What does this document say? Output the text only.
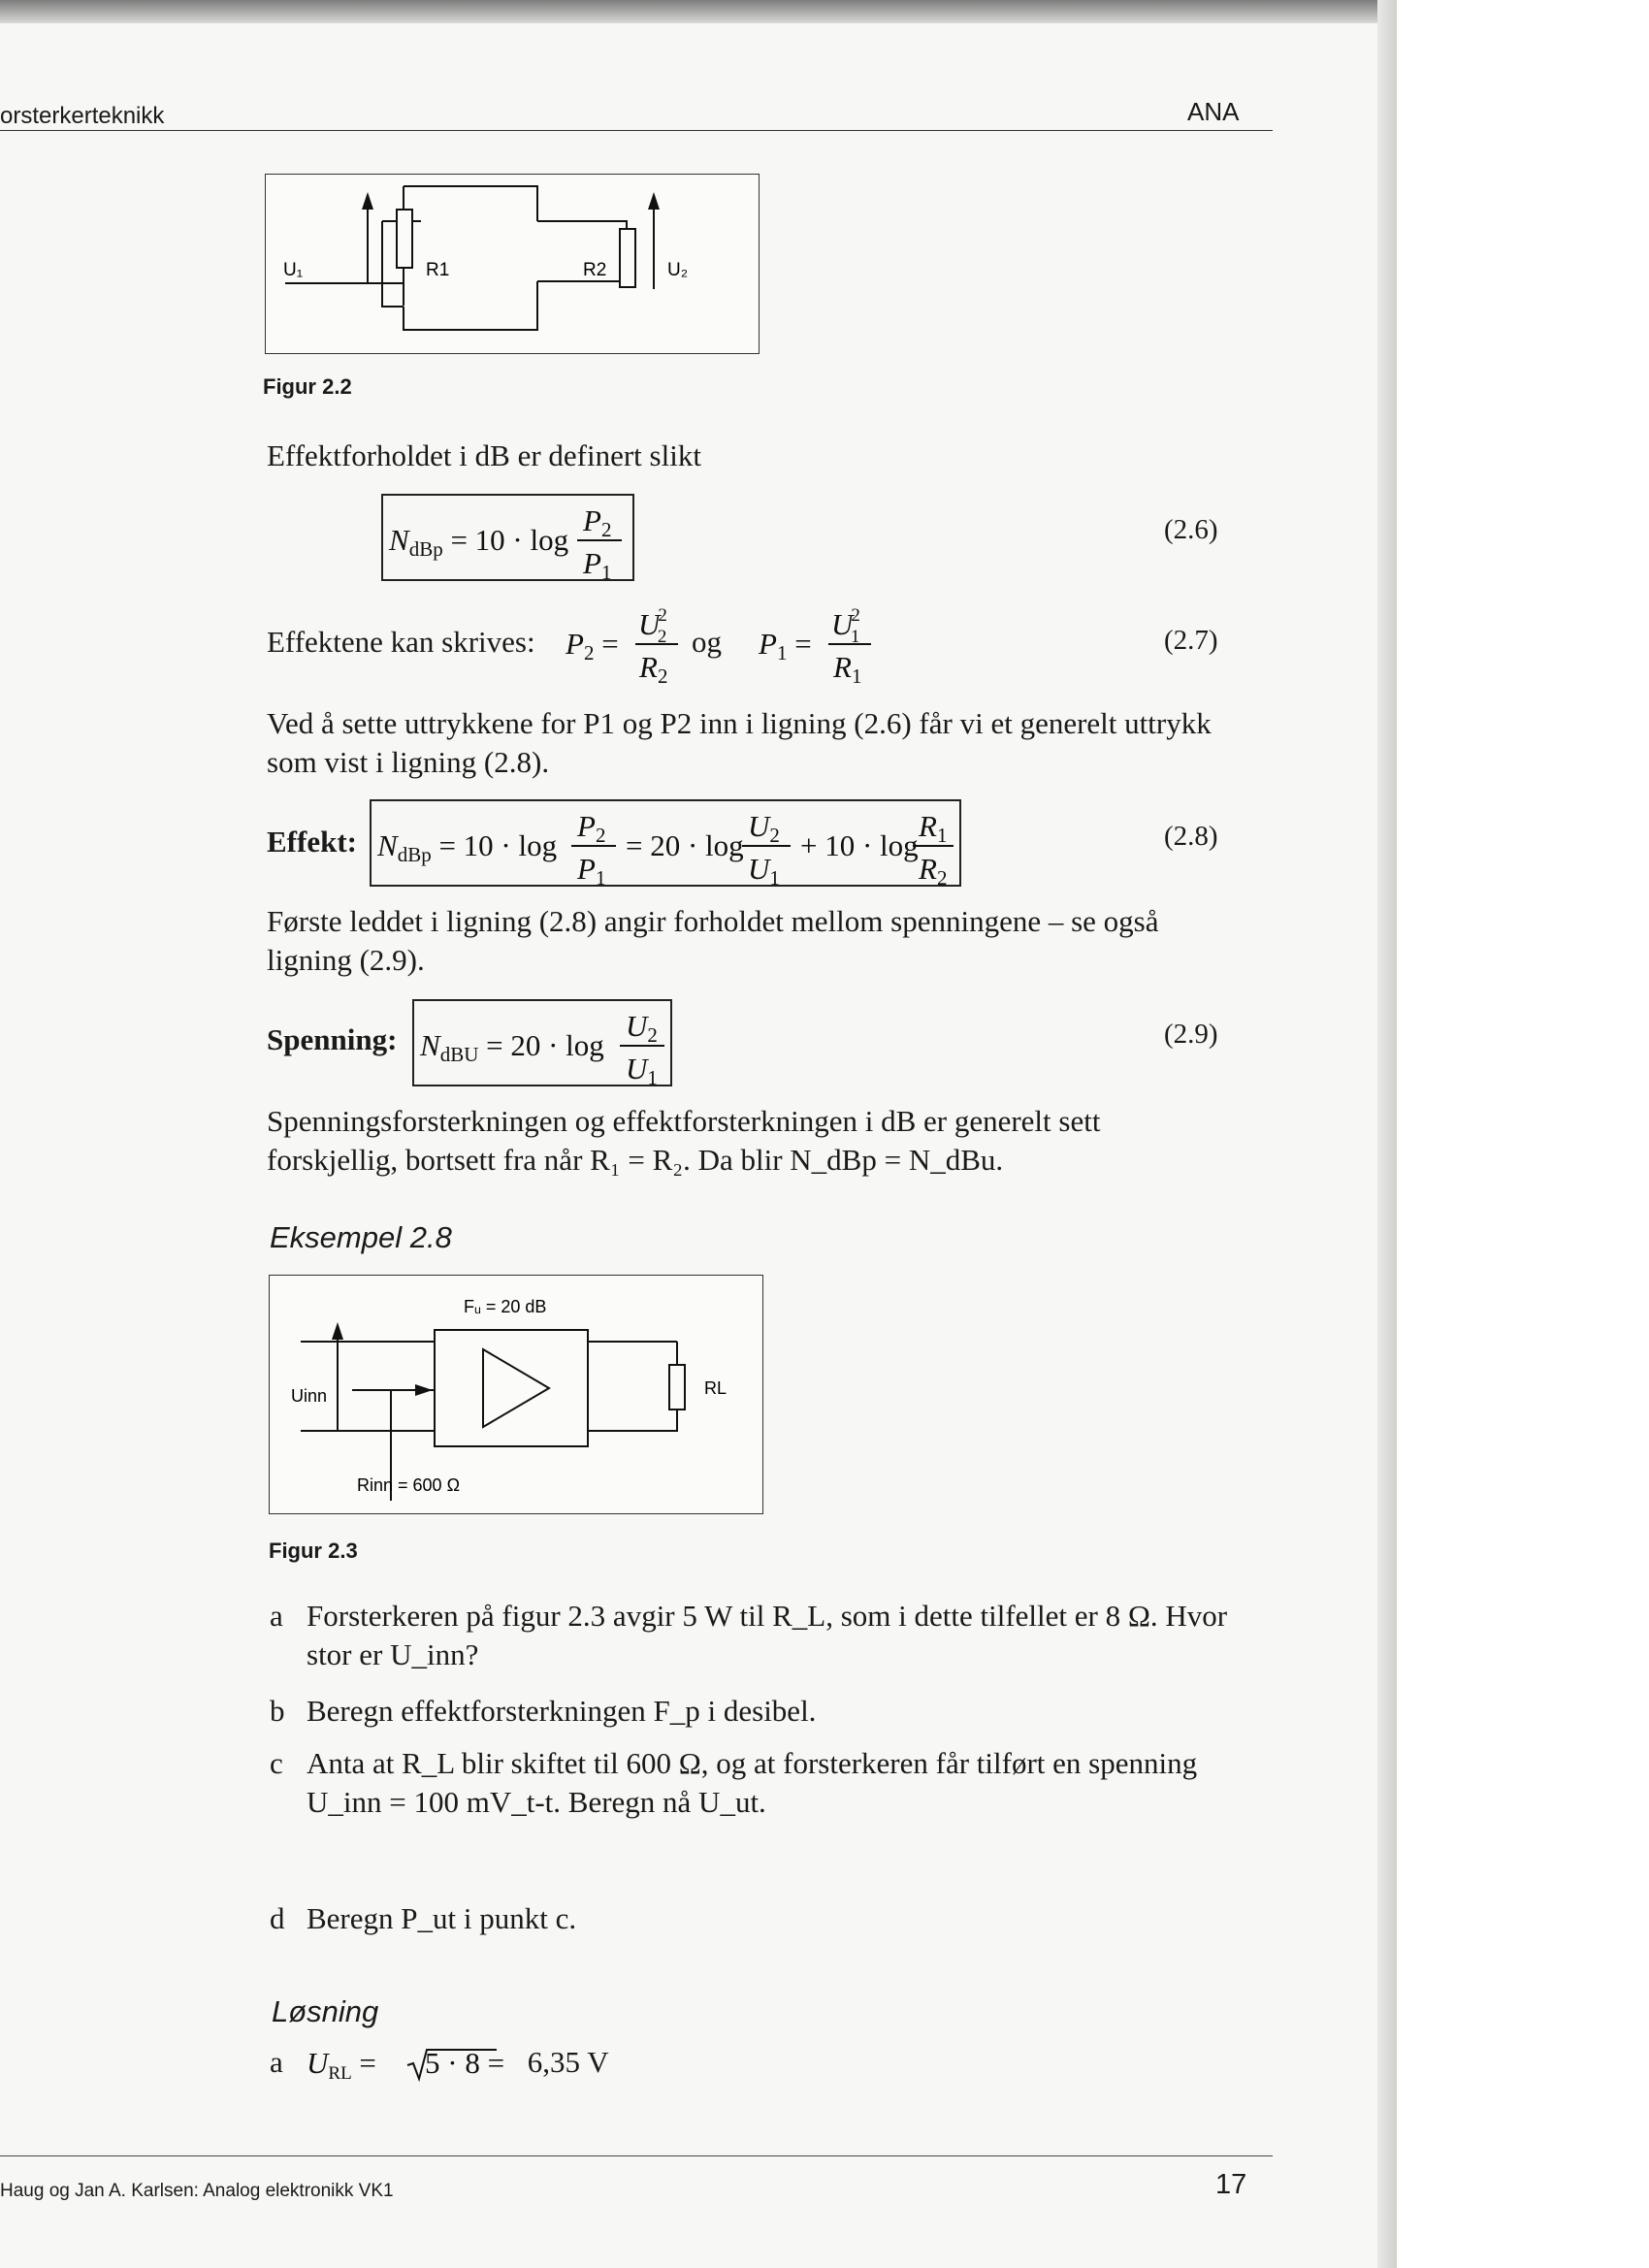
orsterkerteknikk	ANA
U₁	R1	R2	U₂
Figur 2.2
Effektforholdet i dB er definert slikt
NdBp = 10 · log
P2
P1
(2.6)
Effektene kan skrives: P2 =
U2 2
R2
P1 =
U2 1
R1
og	(2.7)
Ved å sette uttrykkene for P1 og P2 inn i ligning (2.6) får vi et generelt uttrykk som vist i ligning (2.8).
Effekt: NdBp = 10 · log
P2
P1
= 20 · log
U2
U1
+ 10 · log
R1
R2
(2.8)
Første leddet i ligning (2.8) angir forholdet mellom spenningene – se også ligning (2.9).
Spenning: NdBU = 20 · log
U2
U1
(2.9)
Spenningsforsterkningen og effektforsterkningen i dB er generelt sett forskjellig, bortsett fra når R₁ = R₂. Da blir N_dBp = N_dBu.
Eksempel 2.8
Fᵤ = 20 dB
Uinn	RL
Rinn = 600 Ω
Figur 2.3
a Forsterkeren på figur 2.3 avgir 5 W til R_L, som i dette tilfellet er 8 Ω. Hvor stor er U_inn?
b Beregn effektforsterkningen F_p i desibel.
c Anta at R_L blir skiftet til 600 Ω, og at forsterkeren får tilført en spenning U_inn = 100 mV_t-t. Beregn nå U_ut.
d Beregn P_ut i punkt c.
Løsning
a URL = 5 · 8 = 6,35 V
Haug og Jan A. Karlsen: Analog elektronikk VK1	17
